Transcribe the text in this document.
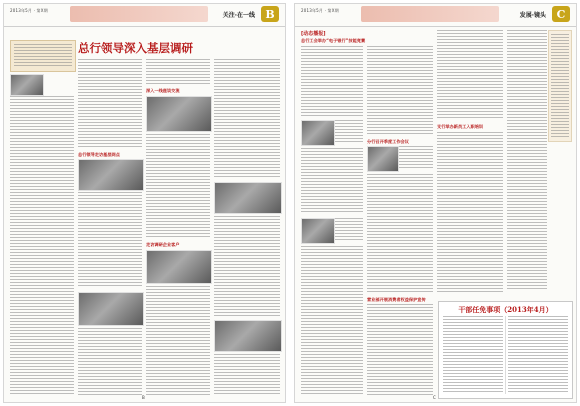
2013年5月 · 第X期
关注·在一线 B
总行领导深入基层调研
总行领导走访基层网点
深入一线座谈交流
走访调研企业客户
B
2013年5月 · 第X期
发展·镜头 C
[动态播报]
总行工会举办“电子银行”技能竞赛
分行召开季度工作会议
营业部开展消费者权益保护宣传
支行举办新员工入职培训
干部任免事项（2013年4月）
C
